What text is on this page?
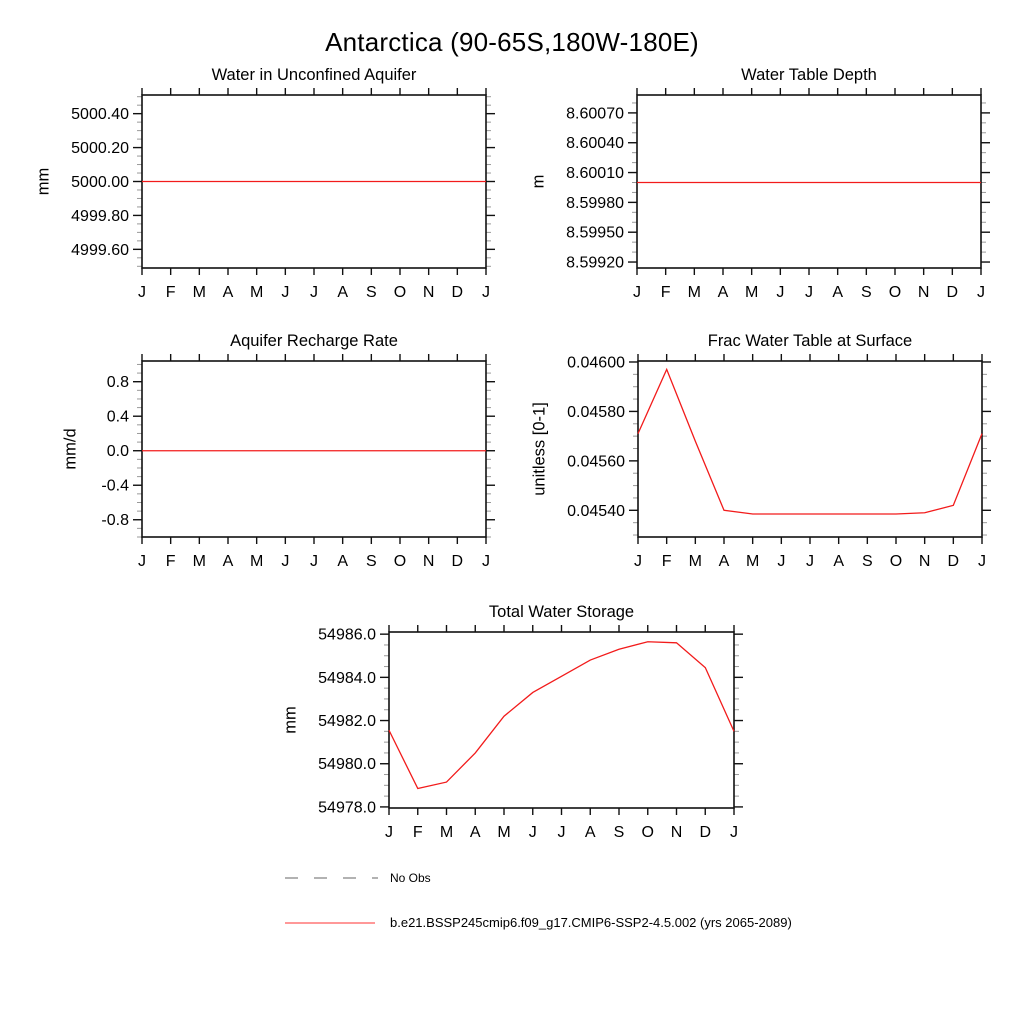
Antarctica (90-65S,180W-180E)
Water in Unconfined Aquifer	Water Table Depth
Aquifer Recharge Rate	Frac Water Table at Surface
Total Water Storage
4999.60
4999.80
5000.00
5000.20
5000.40
J F M A M J J A S O N D J
mm
8.59920
8.59950
8.59980
8.60010
8.60040
8.60070
J F M A M J J A S O N D J
m
-0.8
-0.4
0.0
0.4
0.8
J F M A M J J A S O N D J
mm/d
0.04540
0.04560
0.04580
0.04600
J F M A M J J A S O N D J
unitless [0-1]
54978.0
54980.0
54982.0
54984.0
54986.0
J F M A M J J A S O N D J
mm
No Obs
b.e21.BSSP245cmip6.f09_g17.CMIP6-SSP2-4.5.002 (yrs 2065-2089)
